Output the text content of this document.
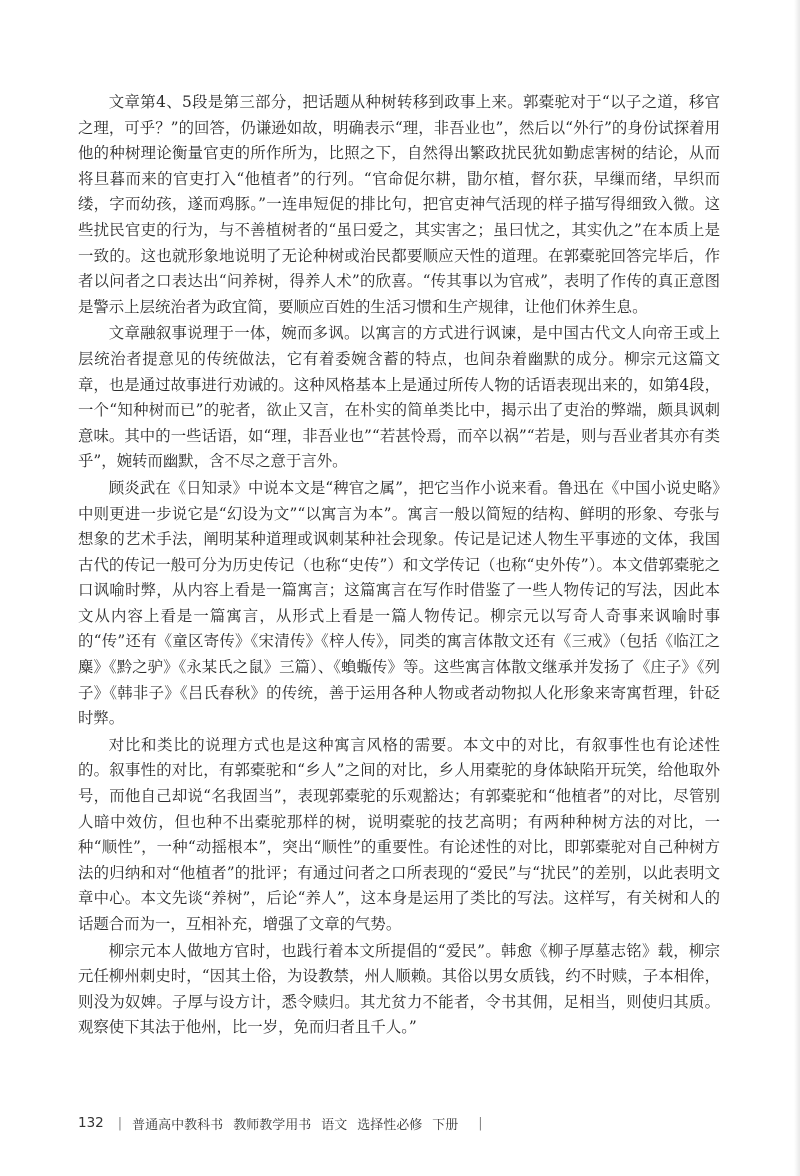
文章第4、5段是第三部分，把话题从种树转移到政事上来。郭橐驼对于“以子之道，移官之理，可乎？”的回答，仍谦逊如故，明确表示“理，非吾业也”，然后以“外行”的身份试探着用他的种树理论衡量官吏的所作所为，比照之下，自然得出繁政扰民犹如勤虑害树的结论，从而将旦暮而来的官吏打入“他植者”的行列。“官命促尔耕，勖尔植，督尔获，早缫而绪，早织而缕，字而幼孩，遂而鸡豚。”一连串短促的排比句，把官吏神气活现的样子描写得细致入微。这些扰民官吏的行为，与不善植树者的“虽曰爱之，其实害之；虽曰忧之，其实仇之”在本质上是一致的。这也就形象地说明了无论种树或治民都要顺应天性的道理。在郭橐驼回答完毕后，作者以问者之口表达出“问养树，得养人术”的欣喜。“传其事以为官戒”，表明了作传的真正意图是警示上层统治者为政宜简，要顺应百姓的生活习惯和生产规律，让他们休养生息。

文章融叙事说理于一体，婉而多讽。以寓言的方式进行讽谏，是中国古代文人向帝王或上层统治者提意见的传统做法，它有着委婉含蓄的特点，也间杂着幽默的成分。柳宗元这篇文章，也是通过故事进行劝诫的。这种风格基本上是通过所传人物的话语表现出来的，如第4段，一个“知种树而已”的驼者，欲止又言，在朴实的简单类比中，揭示出了吏治的弊端，颇具讽刺意味。其中的一些话语，如“理，非吾业也”“若甚怜焉，而卒以祸”“若是，则与吾业者其亦有类乎”，婉转而幽默，含不尽之意于言外。

顾炎武在《日知录》中说本文是“稗官之属”，把它当作小说来看。鲁迅在《中国小说史略》中则更进一步说它是“幻设为文”“以寓言为本”。寓言一般以简短的结构、鲜明的形象、夸张与想象的艺术手法，阐明某种道理或讽刺某种社会现象。传记是记述人物生平事迹的文体，我国古代的传记一般可分为历史传记（也称“史传”）和文学传记（也称“史外传”）。本文借郭橐驼之口讽喻时弊，从内容上看是一篇寓言；这篇寓言在写作时借鉴了一些人物传记的写法，因此本文从内容上看是一篇寓言，从形式上看是一篇人物传记。柳宗元以写奇人奇事来讽喻时事的“传”还有《童区寄传》《宋清传》《梓人传》，同类的寓言体散文还有《三戒》（包括《临江之麋》《黔之驴》《永某氏之鼠》三篇）、《蝜蝂传》等。这些寓言体散文继承并发扬了《庄子》《列子》《韩非子》《吕氏春秋》的传统，善于运用各种人物或者动物拟人化形象来寄寓哲理，针砭时弊。

对比和类比的说理方式也是这种寓言风格的需要。本文中的对比，有叙事性也有论述性的。叙事性的对比，有郭橐驼和“乡人”之间的对比，乡人用橐驼的身体缺陷开玩笑，给他取外号，而他自己却说“名我固当”，表现郭橐驼的乐观豁达；有郭橐驼和“他植者”的对比，尽管别人暗中效仿，但也种不出橐驼那样的树，说明橐驼的技艺高明；有两种种树方法的对比，一种“顺性”，一种“动摇根本”，突出“顺性”的重要性。有论述性的对比，即郭橐驼对自己种树方法的归纳和对“他植者”的批评；有通过问者之口所表现的“爱民”与“扰民”的差别，以此表明文章中心。本文先谈“养树”，后论“养人”，这本身是运用了类比的写法。这样写，有关树和人的话题合而为一，互相补充，增强了文章的气势。

柳宗元本人做地方官时，也践行着本文所提倡的“爱民”。韩愈《柳子厚墓志铭》载，柳宗元任柳州刺史时，“因其土俗，为设教禁，州人顺赖。其俗以男女质钱，约不时赎，子本相侔，则没为奴婢。子厚与设方计，悉令赎归。其尤贫力不能者，令书其佣，足相当，则使归其质。观察使下其法于他州，比一岁，免而归者且千人。”

132 | 普通高中教科书 教师教学用书 语文 选择性必修 下册 |
